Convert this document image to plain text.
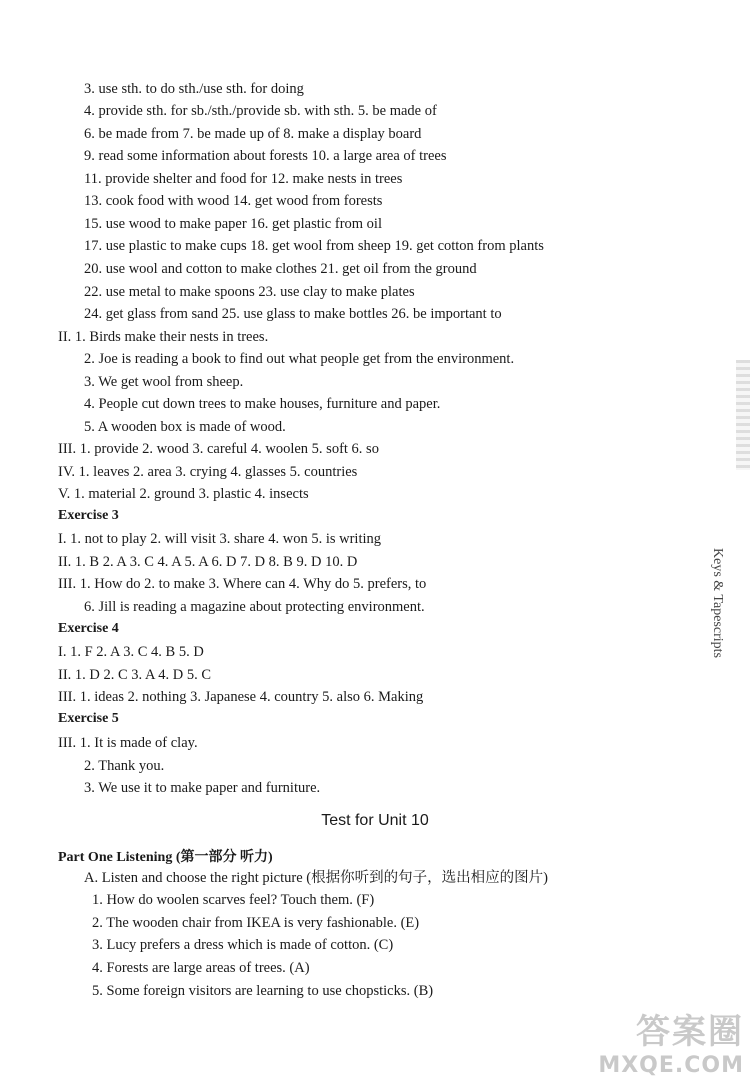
3. use sth. to do sth./use sth. for doing
4. provide sth. for sb./sth./provide sb. with sth. 5. be made of
6. be made from 7. be made up of 8. make a display board
9. read some information about forests 10. a large area of trees
11. provide shelter and food for 12. make nests in trees
13. cook food with wood 14. get wood from forests
15. use wood to make paper 16. get plastic from oil
17. use plastic to make cups 18. get wool from sheep 19. get cotton from plants
20. use wool and cotton to make clothes 21. get oil from the ground
22. use metal to make spoons 23. use clay to make plates
24. get glass from sand 25. use glass to make bottles 26. be important to
II. 1. Birds make their nests in trees.
2. Joe is reading a book to find out what people get from the environment.
3. We get wool from sheep.
4. People cut down trees to make houses, furniture and paper.
5. A wooden box is made of wood.
III. 1. provide 2. wood 3. careful 4. woolen 5. soft 6. so
IV. 1. leaves 2. area 3. crying 4. glasses 5. countries
V. 1. material 2. ground 3. plastic 4. insects
Exercise 3
I. 1. not to play 2. will visit 3. share 4. won 5. is writing
II. 1. B 2. A 3. C 4. A 5. A 6. D 7. D 8. B 9. D 10. D
III. 1. How do 2. to make 3. Where can 4. Why do 5. prefers, to
6. Jill is reading a magazine about protecting environment.
Exercise 4
I. 1. F 2. A 3. C 4. B 5. D
II. 1. D 2. C 3. A 4. D 5. C
III. 1. ideas 2. nothing 3. Japanese 4. country 5. also 6. Making
Exercise 5
III. 1. It is made of clay.
2. Thank you.
3. We use it to make paper and furniture.
Test for Unit 10
Part One Listening (第一部分 听力)
A. Listen and choose the right picture (根据你听到的句子，选出相应的图片)
1. How do woolen scarves feel? Touch them. (F)
2. The wooden chair from IKEA is very fashionable. (E)
3. Lucy prefers a dress which is made of cotton. (C)
4. Forests are large areas of trees. (A)
5. Some foreign visitors are learning to use chopsticks. (B)
Keys & Tapescripts
答案圈
MXQE.COM
